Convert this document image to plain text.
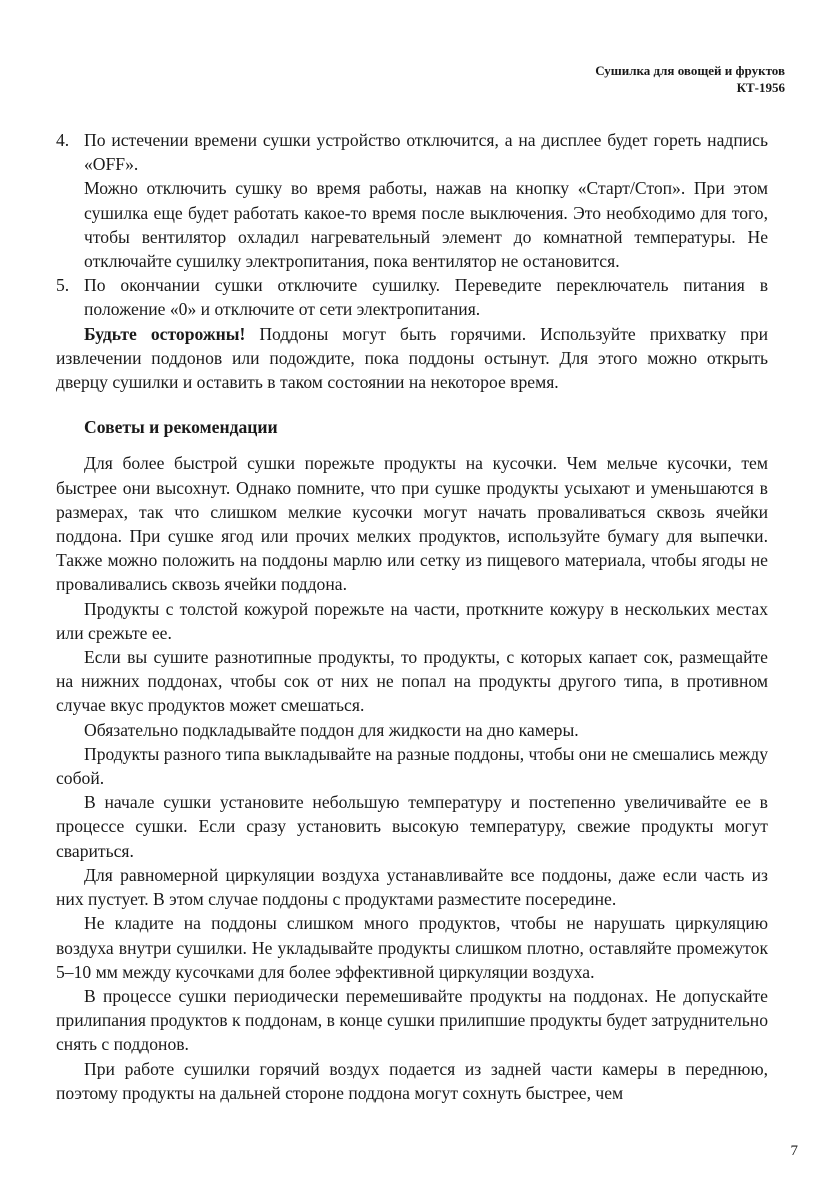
Сушилка для овощей и фруктов
КТ-1956
4. По истечении времени сушки устройство отключится, а на дисплее будет гореть надпись «OFF».

Можно отключить сушку во время работы, нажав на кнопку «Старт/Стоп». При этом сушилка еще будет работать какое-то время после выключения. Это необходимо для того, чтобы вентилятор охладил нагревательный элемент до комнатной температуры. Не отключайте сушилку электропитания, пока вентилятор не остановится.

5. По окончании сушки отключите сушилку. Переведите переключатель питания в положение «0» и отключите от сети электропитания.

Будьте осторожны! Поддоны могут быть горячими. Используйте прихватку при извлечении поддонов или подождите, пока поддоны остынут. Для этого можно открыть дверцу сушилки и оставить в таком состоянии на некоторое время.

Советы и рекомендации

Для более быстрой сушки порежьте продукты на кусочки. Чем мельче кусочки, тем быстрее они высохнут. Однако помните, что при сушке продукты усыхают и уменьшаются в размерах, так что слишком мелкие кусочки могут начать проваливаться сквозь ячейки поддона. При сушке ягод или прочих мелких продуктов, используйте бумагу для выпечки. Также можно положить на поддоны марлю или сетку из пищевого материала, чтобы ягоды не проваливались сквозь ячейки поддона.

Продукты с толстой кожурой порежьте на части, проткните кожуру в нескольких местах или срежьте ее.

Если вы сушите разнотипные продукты, то продукты, с которых капает сок, размещайте на нижних поддонах, чтобы сок от них не попал на продукты другого типа, в противном случае вкус продуктов может смешаться.

Обязательно подкладывайте поддон для жидкости на дно камеры.

Продукты разного типа выкладывайте на разные поддоны, чтобы они не смешались между собой.

В начале сушки установите небольшую температуру и постепенно увеличивайте ее в процессе сушки. Если сразу установить высокую температуру, свежие продукты могут свариться.

Для равномерной циркуляции воздуха устанавливайте все поддоны, даже если часть из них пустует. В этом случае поддоны с продуктами разместите посередине.

Не кладите на поддоны слишком много продуктов, чтобы не нарушать циркуляцию воздуха внутри сушилки. Не укладывайте продукты слишком плотно, оставляйте промежуток 5–10 мм между кусочками для более эффективной циркуляции воздуха.

В процессе сушки периодически перемешивайте продукты на поддонах. Не допускайте прилипания продуктов к поддонам, в конце сушки прилипшие продукты будет затруднительно снять с поддонов.

При работе сушилки горячий воздух подается из задней части камеры в переднюю, поэтому продукты на дальней стороне поддона могут сохнуть быстрее, чем

7
